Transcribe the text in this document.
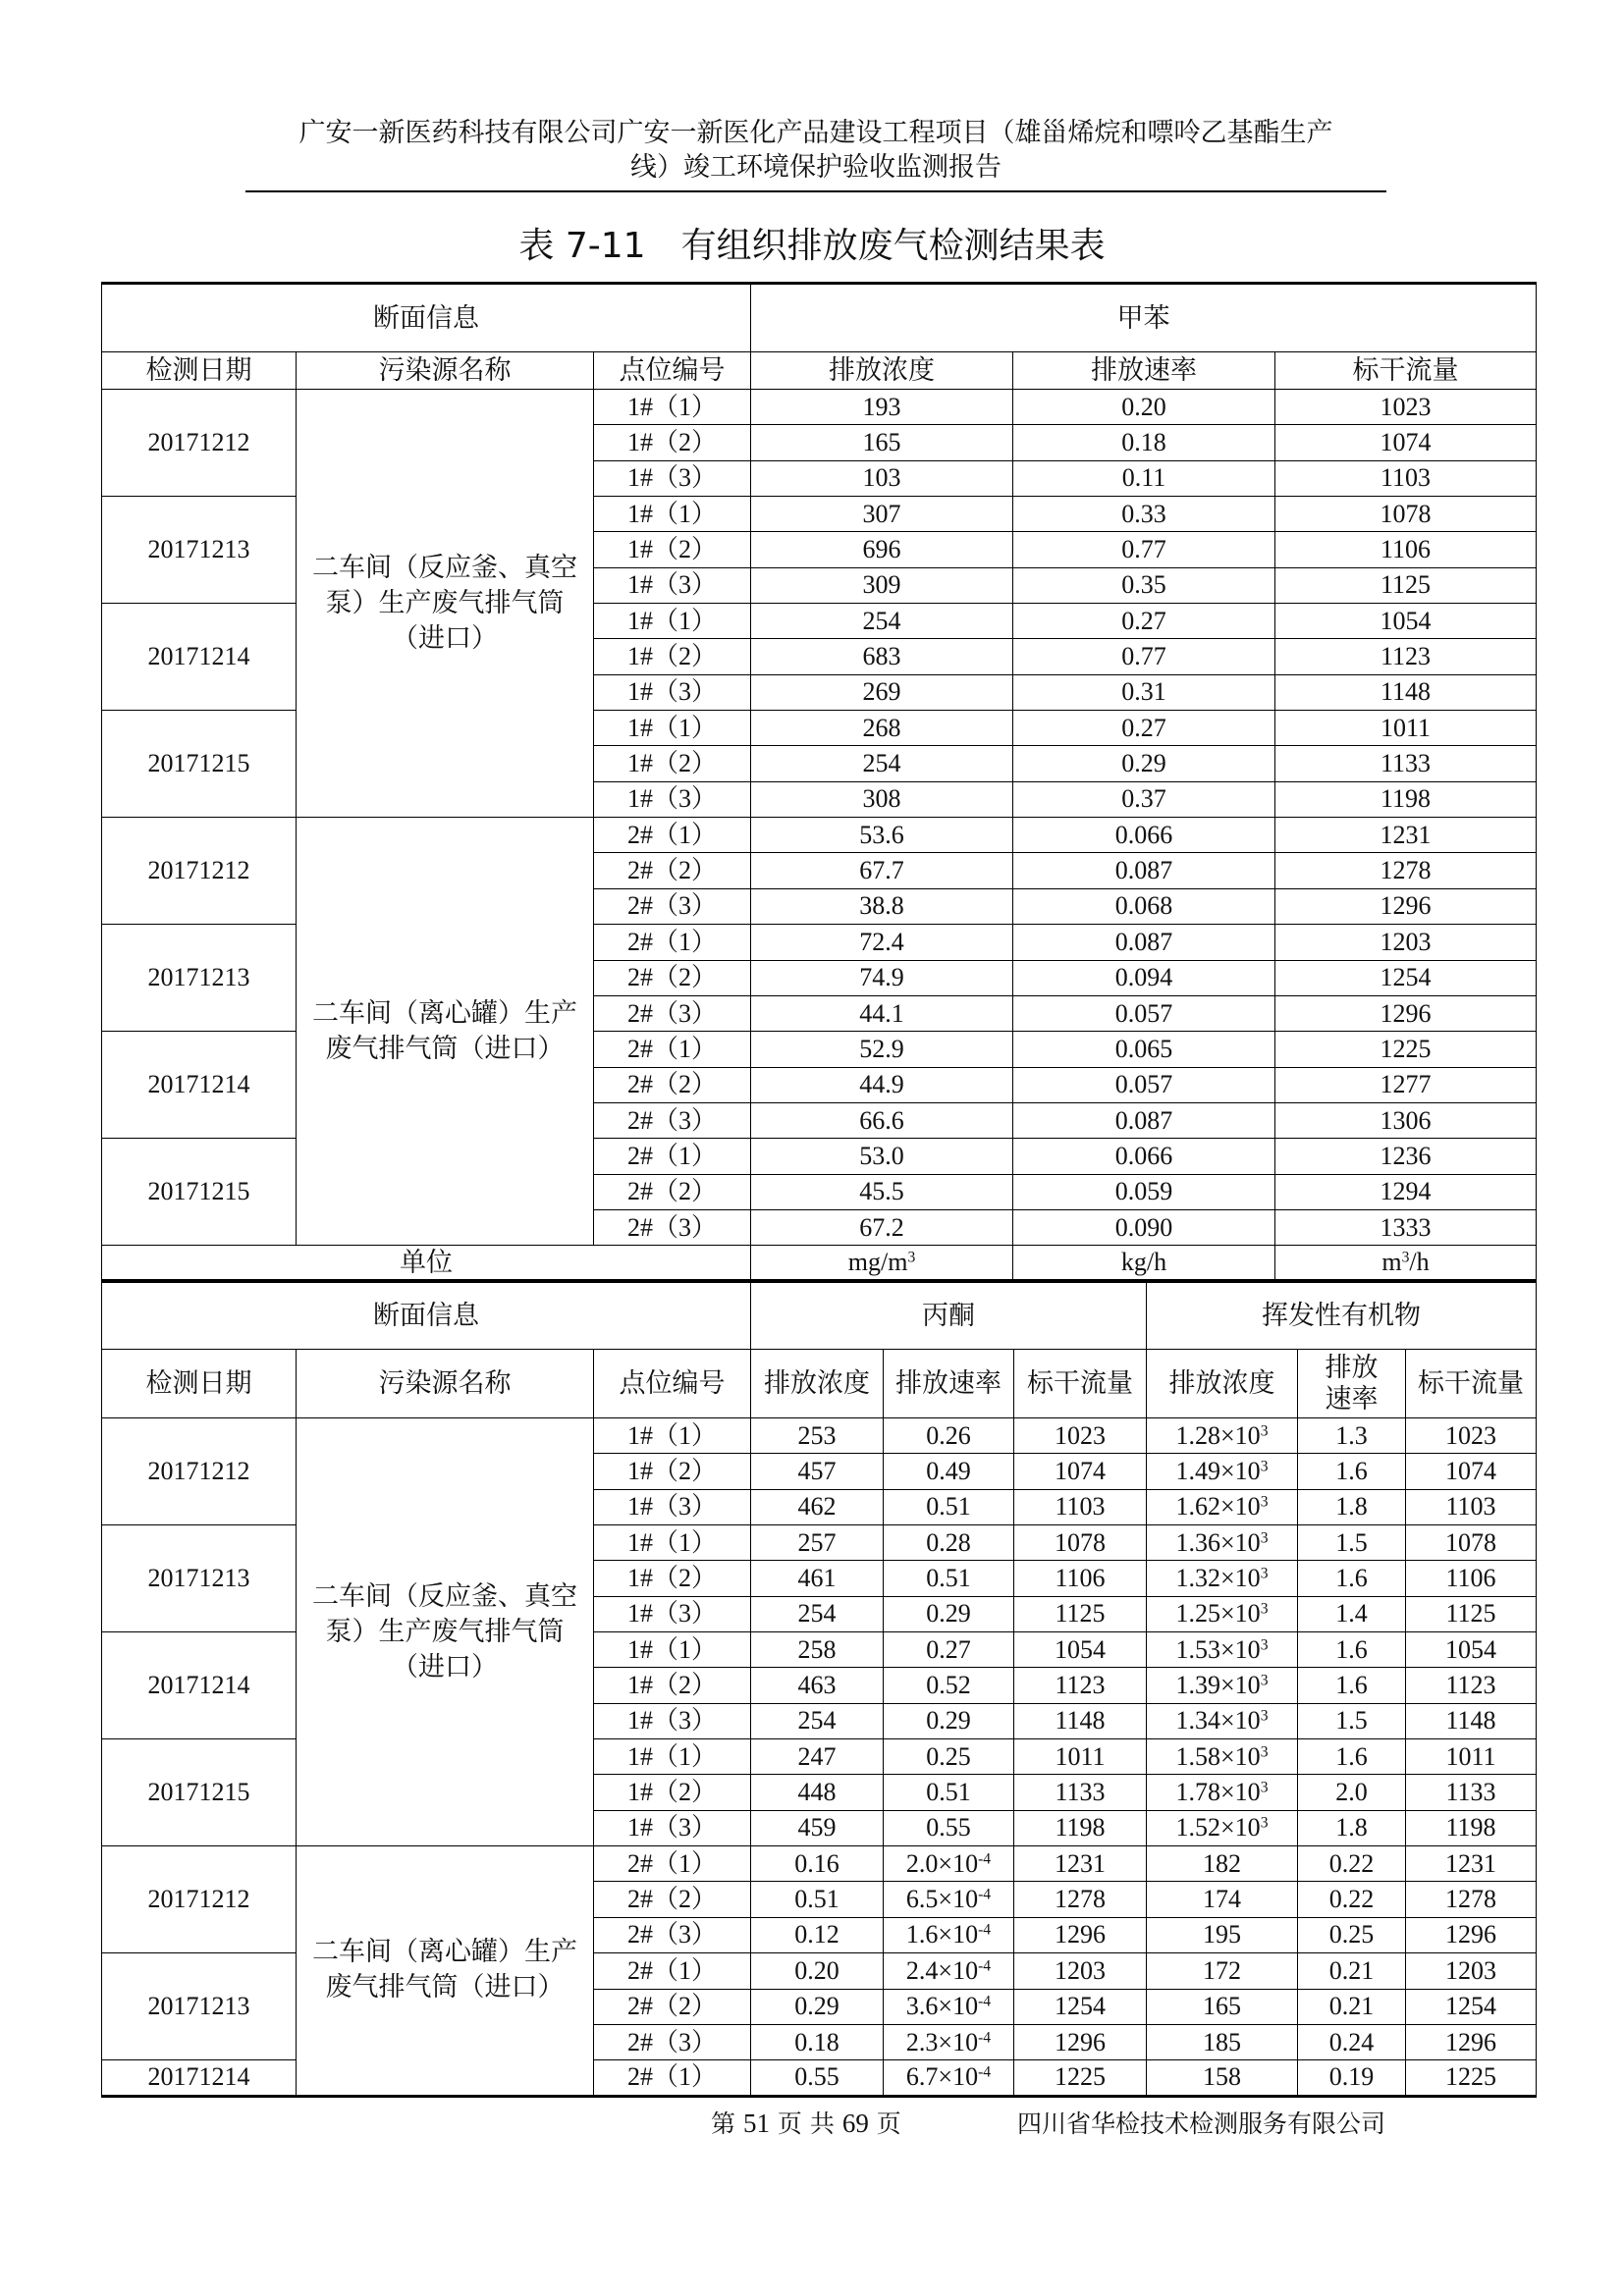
广安一新医药科技有限公司广安一新医化产品建设工程项目（雄甾烯烷和嘌呤乙基酯生产
线）竣工环境保护验收监测报告
表 7-11　有组织排放废气检测结果表
断面信息			甲苯		
检测日期	污染源名称	点位编号	排放浓度	排放速率	标干流量
20171212	二车间（反应釜、真空泵）生产废气排气筒（进口）	1#（1）	193	0.20	1023
		1#（2）	165	0.18	1074
		1#（3）	103	0.11	1103
20171213		1#（1）	307	0.33	1078
		1#（2）	696	0.77	1106
		1#（3）	309	0.35	1125
20171214		1#（1）	254	0.27	1054
		1#（2）	683	0.77	1123
		1#（3）	269	0.31	1148
20171215		1#（1）	268	0.27	1011
		1#（2）	254	0.29	1133
		1#（3）	308	0.37	1198
20171212	二车间（离心罐）生产废气排气筒（进口）	2#（1）	53.6	0.066	1231
		2#（2）	67.7	0.087	1278
		2#（3）	38.8	0.068	1296
20171213		2#（1）	72.4	0.087	1203
		2#（2）	74.9	0.094	1254
		2#（3）	44.1	0.057	1296
20171214		2#（1）	52.9	0.065	1225
		2#（2）	44.9	0.057	1277
		2#（3）	66.6	0.087	1306
20171215		2#（1）	53.0	0.066	1236
		2#（2）	45.5	0.059	1294
		2#（3）	67.2	0.090	1333
单位			$mg/m^3$	kg/h	$m^3/h$
断面信息			丙酮			挥发性有机物		
检测日期	污染源名称	点位编号	排放浓度	排放速率	标干流量	排放浓度	排放速率	标干流量

20171212	二车间（反应釜、真空泵）生产废气排气筒（进口）	1#（1）	253	0.26	1023	$1.28\times 10^3$	1.3	1023
		1#（2）	457	0.49	1074	$1.49\times 10^3$	1.6	1074
		1#（3）	462	0.51	1103	$1.62\times 10^3$	1.8	1103
20171213		1#（1）	257	0.28	1078	$1.36\times 10^3$	1.5	1078
		1#（2）	461	0.51	1106	$1.32\times 10^3$	1.6	1106
		1#（3）	254	0.29	1125	$1.25\times 10^3$	1.4	1125
20171214		1#（1）	258	0.27	1054	$1.53\times 10^3$	1.6	1054
		1#（2）	463	0.52	1123	$1.39\times 10^3$	1.6	1123
		1#（3）	254	0.29	1148	$1.34\times 10^3$	1.5	1148
20171215		1#（1）	247	0.25	1011	$1.58\times 10^3$	1.6	1011
		1#（2）	448	0.51	1133	$1.78\times 10^3$	2.0	1133
		1#（3）	459	0.55	1198	$1.52\times 10^3$	1.8	1198
20171212	二车间（离心罐）生产废气排气筒（进口）	2#（1）	0.16	$2.0\times 10^{-4}$	1231	182	0.22	1231
		2#（2）	0.51	$6.5\times 10^{-4}$	1278	174	0.22	1278
		2#（3）	0.12	$1.6\times 10^{-4}$	1296	195	0.25	1296
20171213		2#（1）	0.20	$2.4\times 10^{-4}$	1203	172	0.21	1203
		2#（2）	0.29	$3.6\times 10^{-4}$	1254	165	0.21	1254
		2#（3）	0.18	$2.3\times 10^{-4}$	1296	185	0.24	1296
20171214		2#（1）	0.55	$6.7\times 10^{-4}$	1225	158	0.19	1225
第 51 页 共 69 页	四川省华检技术检测服务有限公司
